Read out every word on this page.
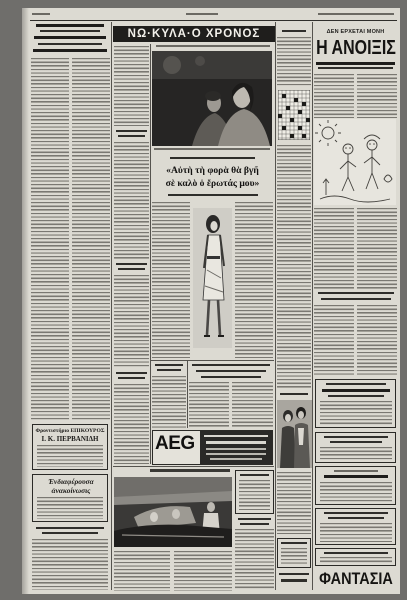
Φροντιστήριο ΕΠΙΚΟΥΡΟΣ
Ι. Κ. ΠΕΡΒΑΝΙΔΗ
Ἐνδιαφέρουσα ἀνακοίνωσις
ΝΩ·ΚΥΛΑ·Ο ΧΡΟΝΟΣ
«Αὐτὴ τὴ φορὰ θὰ βγῆ
σὲ καλὸ ὁ ἔρωτάς μου»
AEG
ΔΕΝ ΕΡΧΕΤΑΙ ΜΟΝΗ
Η ΑΝΟΙΞΙΣ
ΦΑΝΤΑΣΙΑ
